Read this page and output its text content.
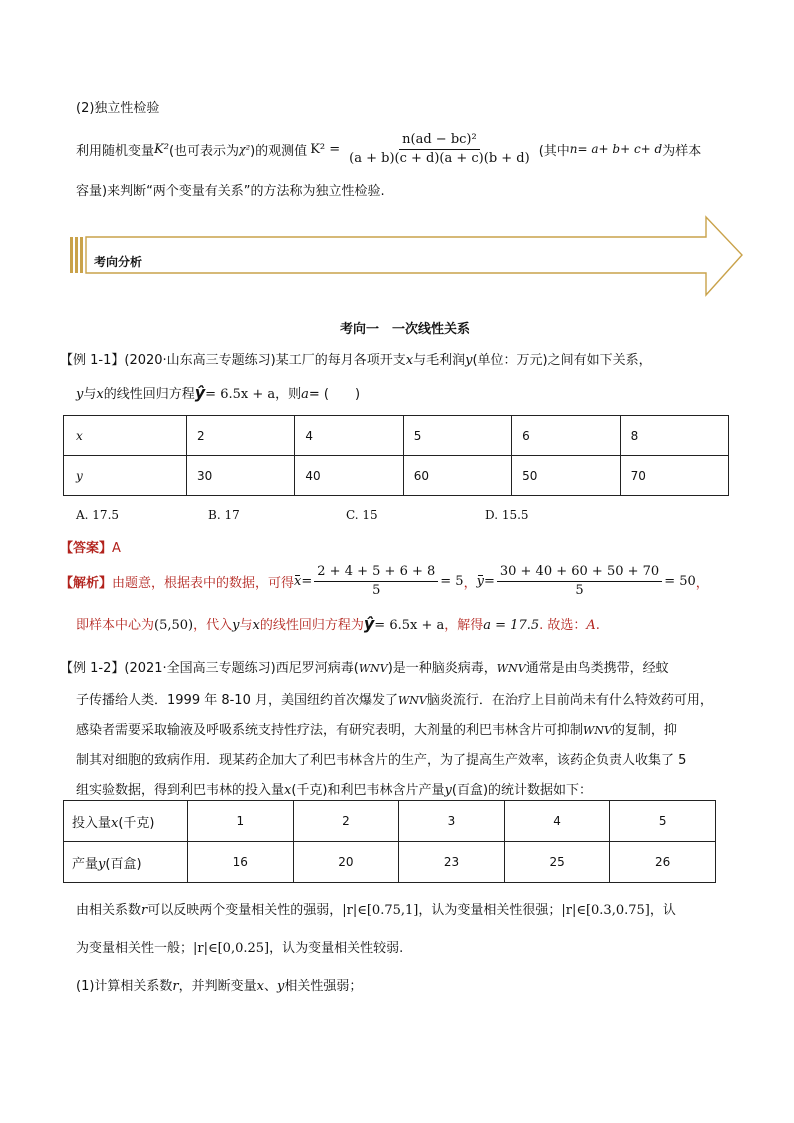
(2)独立性检验
利用随机变量 K² (也可表示为 χ² )的观测值 $K^2 = \frac{\text{n(ad − bc)²}}{(a + b)(c + d)(a + c)(b + d)}$ (其中 n= a+ b+ c+ d 为样本
容量)来判断“两个变量有关系”的方法称为独立性检验.
考向分析
考向一　一次线性关系
【例 1-1】(2020·山东高三专题练习)某工厂的每月各项开支x与毛利润y(单位：万元)之间有如下关系，
y与x的线性回归方程ŷ= 6.5x + a，则a= (　　)
x	2	4	5	6	8
y	30	40	60	50	70
A. 17.5	B. 17	C. 15	D. 15.5
【答案】A
【解析】 由题意，根据表中的数据，可得 $x = \frac{2 + 4 + 5 + 6 + 8}{5} = 5$ ， $y = \frac{30 + 40 + 60 + 50 + 70}{5} = 50$ ，
即样本中心为(5,50)，代入y与x的线性回归方程为ŷ= 6.5x + a，解得a = 17.5. 故选：A.
【例 1-2】(2021·全国高三专题练习)西尼罗河病毒(WNV)是一种脑炎病毒，WNV通常是由鸟类携带，经蚊
子传播给人类．1999 年 8-10 月，美国纽约首次爆发了WNV脑炎流行．在治疗上目前尚未有什么特效药可用，
感染者需要采取输液及呼吸系统支持性疗法，有研究表明，大剂量的利巴韦林含片可抑制WNV的复制，抑
制其对细胞的致病作用．现某药企加大了利巴韦林含片的生产，为了提高生产效率，该药企负责人收集了 5
组实验数据，得到利巴韦林的投入量x(千克)和利巴韦林含片产量y(百盒)的统计数据如下：
投入量x(千克)	1	2	3	4	5
产量y(百盒)	16	20	23	25	26
由相关系数r可以反映两个变量相关性的强弱，|r|∈[0.75,1]，认为变量相关性很强；|r|∈[0.3,0.75]，认
为变量相关性一般；|r|∈[0,0.25]，认为变量相关性较弱.
(1)计算相关系数r，并判断变量x、y相关性强弱；
